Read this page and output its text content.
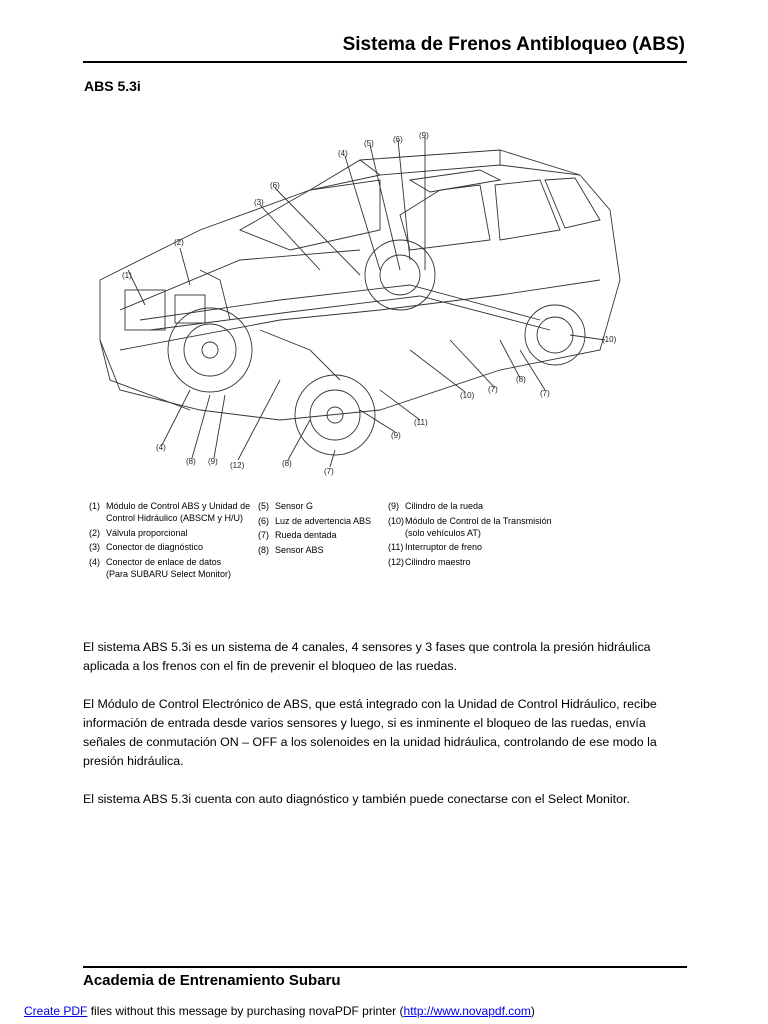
Sistema de Frenos Antibloqueo (ABS)
ABS 5.3i
(1)
(2)
(3)
(6)
(4)
(5) (6) (9)
(10)
(7)
(8)
(7)
(4)
(8) (9) (12)	(8)
(7)
(9)
(11)
(10)
(1) Módulo de Control ABS y Unidad de
Control Hidráulico (ABSCM y H/U)
(2) Válvula proporcional
(3) Conector de diagnóstico
(4) Conector de enlace de datos
(Para SUBARU Select Monitor)
(5) Sensor G
(6) Luz de advertencia ABS
(7) Rueda dentada
(8) Sensor ABS
(9) Cilindro de la rueda
(10)Módulo de Control de la Transmisión
(solo vehículos AT)
(11) Interruptor de freno
(12)Cilindro maestro

El sistema ABS 5.3i es un sistema de 4 canales, 4 sensores y 3 fases que controla la presión hidráulica aplicada a los frenos con el fin de prevenir el bloqueo de las ruedas.

El Módulo de Control Electrónico de ABS, que está integrado con la Unidad de Control Hidráulico, recibe información de entrada desde varios sensores y luego, si es inminente el bloqueo de las ruedas, envía señales de conmutación ON – OFF a los solenoides en la unidad hidráulica, controlando de ese modo la presión hidráulica.

El sistema ABS 5.3i cuenta con auto diagnóstico y también puede conectarse con el Select Monitor.

Academia de Entrenamiento Subaru
Create PDF files without this message by purchasing novaPDF printer (http://www.novapdf.com)
